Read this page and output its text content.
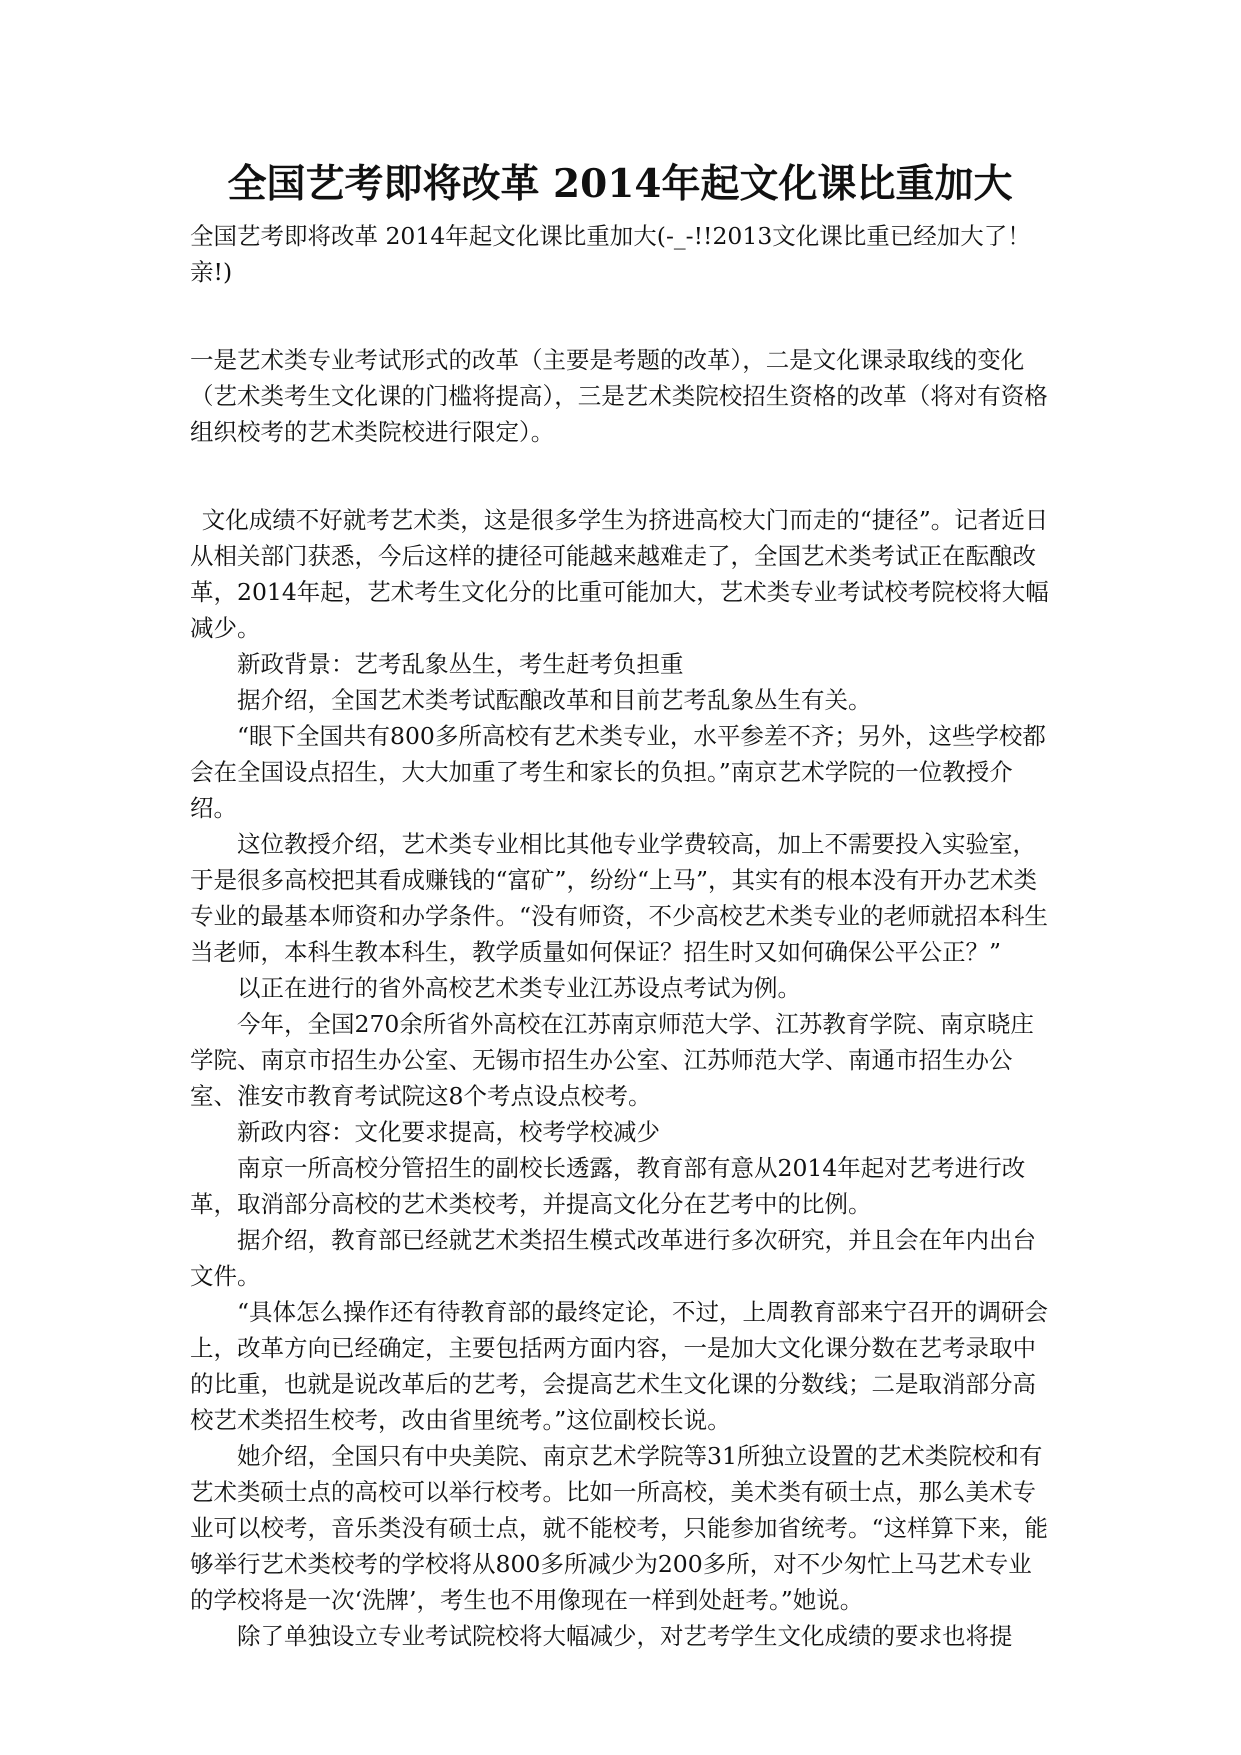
全国艺考即将改革 2014年起文化课比重加大

全国艺考即将改革 2014年起文化课比重加大(-_-!!2013文化课比重已经加大了！亲!)

一是艺术类专业考试形式的改革（主要是考题的改革），二是文化课录取线的变化（艺术类考生文化课的门槛将提高），三是艺术类院校招生资格的改革（将对有资格组织校考的艺术类院校进行限定）。

文化成绩不好就考艺术类，这是很多学生为挤进高校大门而走的“捷径”。记者近日从相关部门获悉，今后这样的捷径可能越来越难走了，全国艺术类考试正在酝酿改革，2014年起，艺术考生文化分的比重可能加大，艺术类专业考试校考院校将大幅减少。

新政背景：艺考乱象丛生，考生赶考负担重

据介绍，全国艺术类考试酝酿改革和目前艺考乱象丛生有关。

“眼下全国共有800多所高校有艺术类专业，水平参差不齐；另外，这些学校都会在全国设点招生，大大加重了考生和家长的负担。”南京艺术学院的一位教授介绍。

这位教授介绍，艺术类专业相比其他专业学费较高，加上不需要投入实验室，于是很多高校把其看成赚钱的“富矿”，纷纷“上马”，其实有的根本没有开办艺术类专业的最基本师资和办学条件。“没有师资，不少高校艺术类专业的老师就招本科生当老师，本科生教本科生，教学质量如何保证？招生时又如何确保公平公正？”

以正在进行的省外高校艺术类专业江苏设点考试为例。

今年，全国270余所省外高校在江苏南京师范大学、江苏教育学院、南京晓庄学院、南京市招生办公室、无锡市招生办公室、江苏师范大学、南通市招生办公室、淮安市教育考试院这8个考点设点校考。

新政内容：文化要求提高，校考学校减少

南京一所高校分管招生的副校长透露，教育部有意从2014年起对艺考进行改革，取消部分高校的艺术类校考，并提高文化分在艺考中的比例。

据介绍，教育部已经就艺术类招生模式改革进行多次研究，并且会在年内出台文件。

“具体怎么操作还有待教育部的最终定论，不过，上周教育部来宁召开的调研会上，改革方向已经确定，主要包括两方面内容，一是加大文化课分数在艺考录取中的比重，也就是说改革后的艺考，会提高艺术生文化课的分数线；二是取消部分高校艺术类招生校考，改由省里统考。”这位副校长说。

她介绍，全国只有中央美院、南京艺术学院等31所独立设置的艺术类院校和有艺术类硕士点的高校可以举行校考。比如一所高校，美术类有硕士点，那么美术专业可以校考，音乐类没有硕士点，就不能校考，只能参加省统考。“这样算下来，能够举行艺术类校考的学校将从800多所减少为200多所，对不少匆忙上马艺术专业的学校将是一次‘洗牌’，考生也不用像现在一样到处赶考。”她说。

除了单独设立专业考试院校将大幅减少，对艺考学生文化成绩的要求也将提
